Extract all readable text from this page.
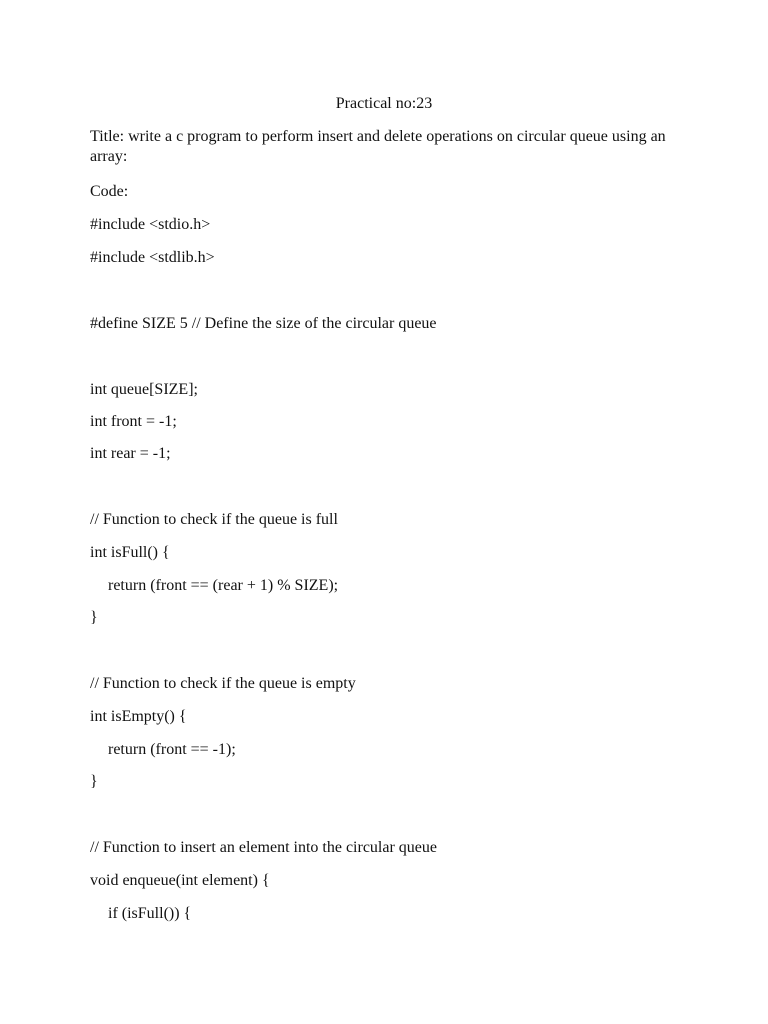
Practical no:23
Title: write a c program to perform insert and delete operations on circular queue using an array:
Code:
#include <stdio.h>
#include <stdlib.h>
#define SIZE 5 // Define the size of the circular queue
int queue[SIZE];
int front = -1;
int rear = -1;
// Function to check if the queue is full
int isFull() {
return (front == (rear + 1) % SIZE);
}
// Function to check if the queue is empty
int isEmpty() {
return (front == -1);
}
// Function to insert an element into the circular queue
void enqueue(int element) {
if (isFull()) {
